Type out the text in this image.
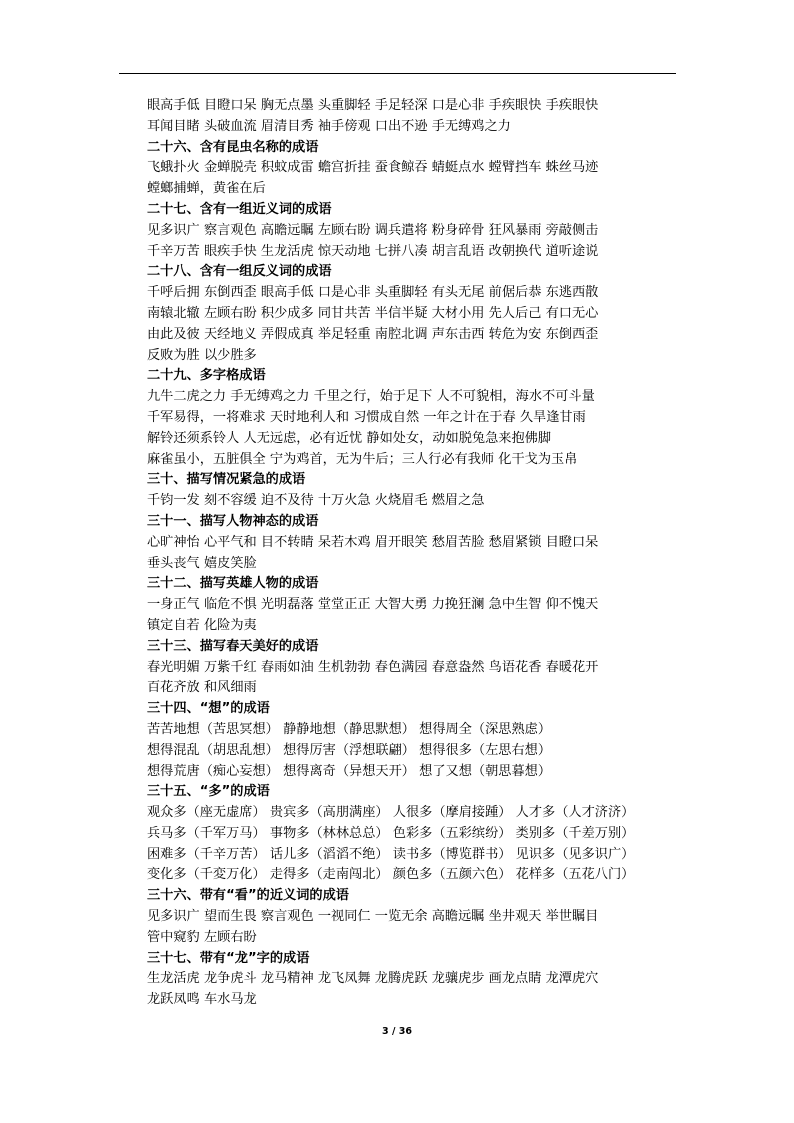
眼高手低 目瞪口呆 胸无点墨 头重脚轻 手足轻深 口是心非 手疾眼快 手疾眼快
耳闻目睹 头破血流 眉清目秀 袖手傍观 口出不逊 手无缚鸡之力
二十六、含有昆虫名称的成语
飞蛾扑火 金蝉脱壳 积蚊成雷 蟾宫折挂 蚕食鲸吞 蜻蜓点水 螳臂挡车 蛛丝马迹
螳螂捕蝉，黄雀在后
二十七、含有一组近义词的成语
见多识广 察言观色 高瞻远瞩 左顾右盼 调兵遣将 粉身碎骨 狂风暴雨 旁敲侧击
千辛万苦 眼疾手快 生龙活虎 惊天动地 七拼八凑 胡言乱语 改朝换代 道听途说
二十八、含有一组反义词的成语
千呼后拥 东倒西歪 眼高手低 口是心非 头重脚轻 有头无尾 前倨后恭 东逃西散
南辕北辙 左顾右盼 积少成多 同甘共苦 半信半疑 大材小用 先人后己 有口无心
由此及彼 天经地义 弄假成真 举足轻重 南腔北调 声东击西 转危为安 东倒西歪
反败为胜 以少胜多
二十九、多字格成语
九牛二虎之力 手无缚鸡之力 千里之行，始于足下 人不可貌相，海水不可斗量
千军易得，一将难求 天时地利人和 习惯成自然 一年之计在于春 久旱逢甘雨
解铃还须系铃人 人无远虑，必有近忧 静如处女，动如脱兔急来抱佛脚
麻雀虽小，五脏俱全 宁为鸡首，无为牛后；三人行必有我师 化干戈为玉帛
三十、描写情况紧急的成语
千钧一发 刻不容缓 迫不及待 十万火急 火烧眉毛 燃眉之急
三十一、描写人物神态的成语
心旷神怡 心平气和 目不转睛 呆若木鸡 眉开眼笑 愁眉苦脸 愁眉紧锁 目瞪口呆
垂头丧气 嬉皮笑脸
三十二、描写英雄人物的成语
一身正气 临危不惧 光明磊落 堂堂正正 大智大勇 力挽狂澜 急中生智 仰不愧天
镇定自若 化险为夷
三十三、描写春天美好的成语
春光明媚 万紫千红 春雨如油 生机勃勃 春色满园 春意盎然 鸟语花香 春暖花开
百花齐放 和风细雨
三十四、“想”的成语
苦苦地想（苦思冥想） 静静地想（静思默想） 想得周全（深思熟虑）
想得混乱（胡思乱想） 想得厉害（浮想联翩） 想得很多（左思右想）
想得荒唐（痴心妄想） 想得离奇（异想天开） 想了又想（朝思暮想）
三十五、“多”的成语
观众多（座无虚席） 贵宾多（高朋满座） 人很多（摩肩接踵） 人才多（人才济济）
兵马多（千军万马） 事物多（林林总总） 色彩多（五彩缤纷） 类别多（千差万别）
困难多（千辛万苦） 话儿多（滔滔不绝） 读书多（博览群书） 见识多（见多识广）
变化多（千変万化） 走得多（走南闯北） 颜色多（五颜六色） 花样多（五花八门）
三十六、带有“看”的近义词的成语
见多识广 望而生畏 察言观色 一视同仁 一览无余 高瞻远瞩 坐井观天 举世瞩目
管中窥豹 左顾右盼
三十七、带有“龙”字的成语
生龙活虎 龙争虎斗 龙马精神 龙飞凤舞 龙腾虎跃 龙骧虎步 画龙点睛 龙潭虎穴
龙跃凤鸣 车水马龙
3 / 36
